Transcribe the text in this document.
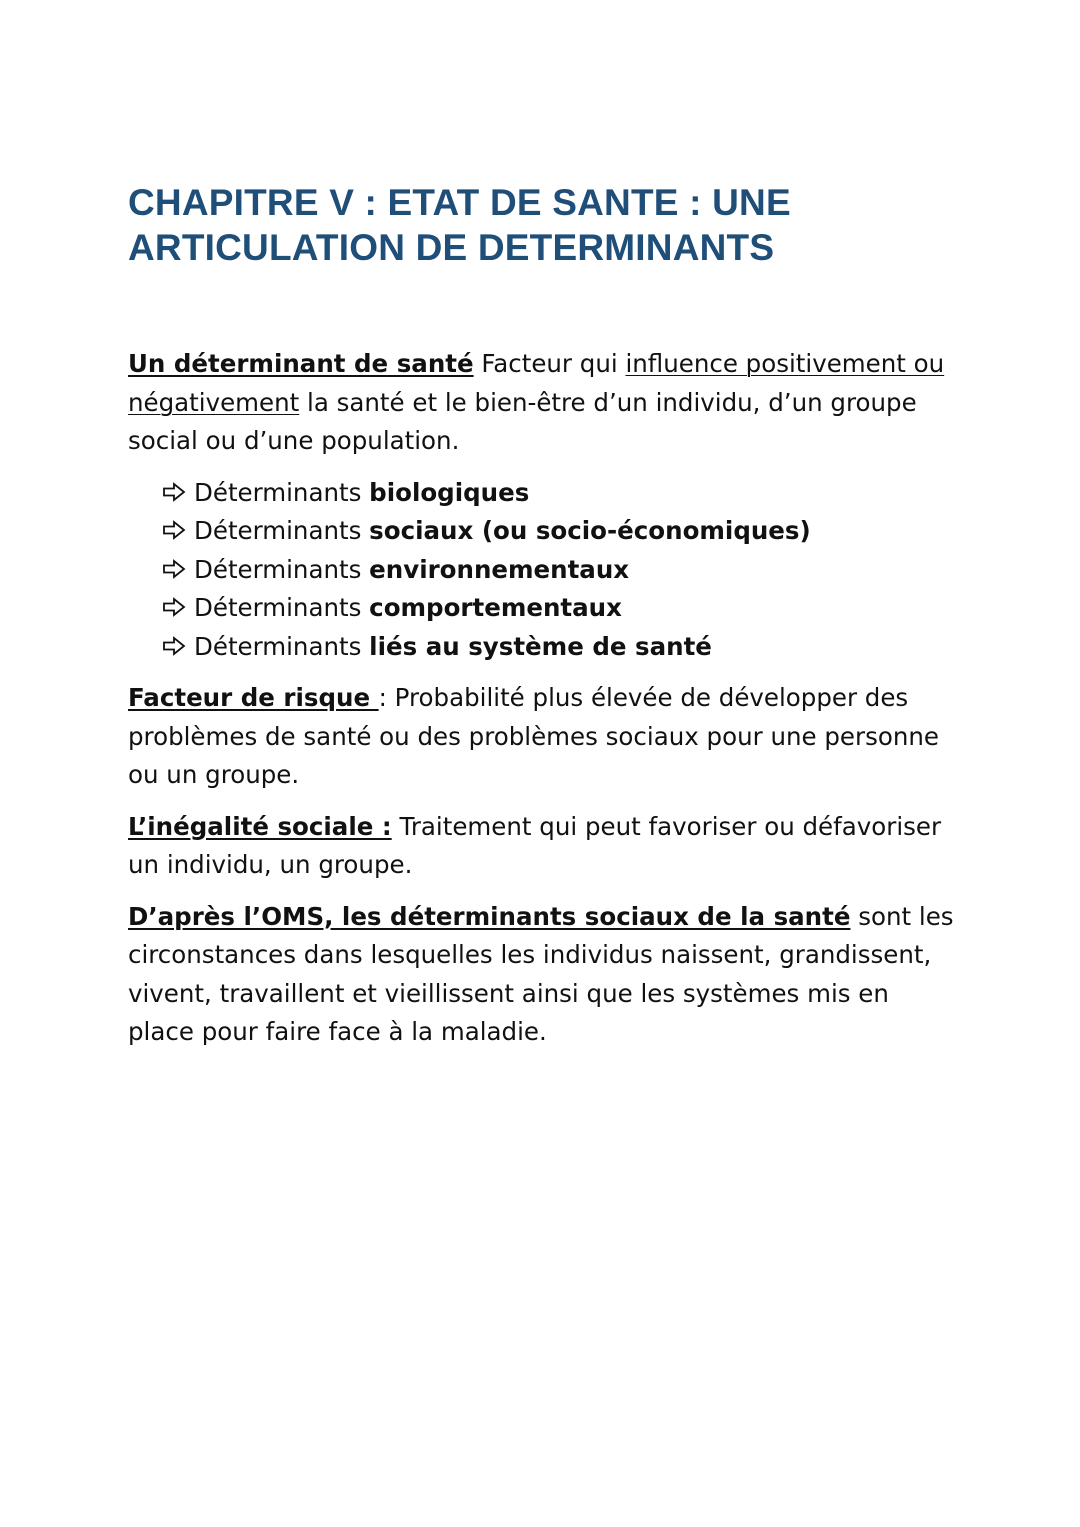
CHAPITRE V : ETAT DE SANTE : UNE
ARTICULATION DE DETERMINANTS

Un déterminant de santé Facteur qui influence positivement ou négativement la santé et le bien-être d’un individu, d’un groupe social ou d’une population.

Déterminants
biologiques
Déterminants
sociaux (ou socio-économiques)
Déterminants
environnementaux
Déterminants
comportementaux
Déterminants
liés au système de santé

Facteur de risque : Probabilité plus élevée de développer des problèmes de santé ou des problèmes sociaux pour une personne ou un groupe.

L’inégalité sociale : Traitement qui peut favoriser ou défavoriser un individu, un groupe.

D’après l’OMS, les déterminants sociaux de la santé sont les circonstances dans lesquelles les individus naissent, grandissent, vivent, travaillent et vieillissent ainsi que les systèmes mis en place pour faire face à la maladie.
